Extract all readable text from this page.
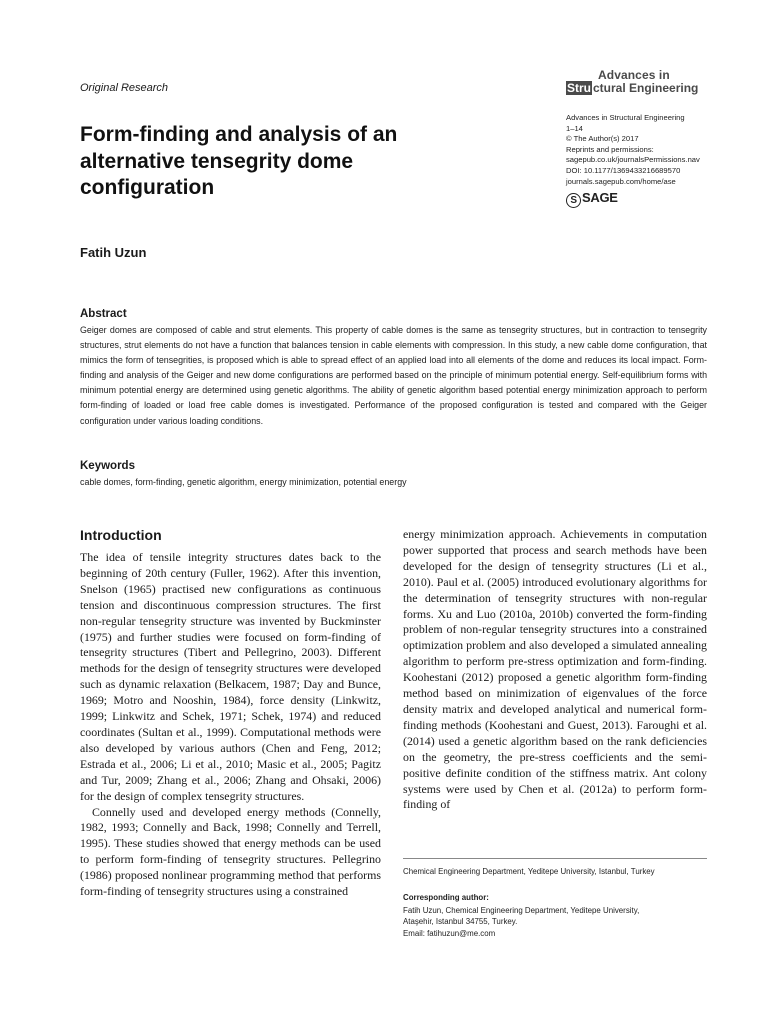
Original Research
Advances in
Stru ctural Engineering
Advances in Structural Engineering
1–14
© The Author(s) 2017
Reprints and permissions:
sagepub.co.uk/journalsPermissions.nav
DOI: 10.1177/1369433216689570
journals.sagepub.com/home/ase
S SAGE
Form-finding and analysis of an alternative tensegrity dome configuration
Fatih Uzun
Abstract
Geiger domes are composed of cable and strut elements. This property of cable domes is the same as tensegrity structures, but in contraction to tensegrity structures, strut elements do not have a function that balances tension in cable elements with compression. In this study, a new cable dome configuration, that mimics the form of tensegrities, is proposed which is able to spread effect of an applied load into all elements of the dome and reduces its local impact. Form-finding and analysis of the Geiger and new dome configurations are performed based on the principle of minimum potential energy. Self-equilibrium forms with minimum potential energy are determined using genetic algorithms. The ability of genetic algorithm based potential energy minimization approach to perform form-finding of loaded or load free cable domes is investigated. Performance of the proposed configuration is tested and compared with the Geiger configuration under various loading conditions.
Keywords
cable domes, form-finding, genetic algorithm, energy minimization, potential energy
Introduction

The idea of tensile integrity structures dates back to the beginning of 20th century (Fuller, 1962). After this invention, Snelson (1965) practised new configurations as continuous tension and discontinuous compression structures. The first non-regular tensegrity structure was invented by Buckminster (1975) and further studies were focused on form-finding of tensegrity structures (Tibert and Pellegrino, 2003). Different methods for the design of tensegrity structures were developed such as dynamic relaxation (Belkacem, 1987; Day and Bunce, 1969; Motro and Nooshin, 1984), force density (Linkwitz, 1999; Linkwitz and Schek, 1971; Schek, 1974) and reduced coordinates (Sultan et al., 1999). Computational methods were also developed by various authors (Chen and Feng, 2012; Estrada et al., 2006; Li et al., 2010; Masic et al., 2005; Pagitz and Tur, 2009; Zhang et al., 2006; Zhang and Ohsaki, 2006) for the design of complex tensegrity structures.

Connelly used and developed energy methods (Connelly, 1982, 1993; Connelly and Back, 1998; Connelly and Terrell, 1995). These studies showed that energy methods can be used to perform form-finding of tensegrity structures. Pellegrino (1986) proposed nonlinear programming method that performs form-finding of tensegrity structures using a constrained

energy minimization approach. Achievements in computation power supported that process and search methods have been developed for the design of tensegrity structures (Li et al., 2010). Paul et al. (2005) introduced evolutionary algorithms for the determination of tensegrity structures with non-regular forms. Xu and Luo (2010a, 2010b) converted the form-finding problem of non-regular tensegrity structures into a constrained optimization problem and also developed a simulated annealing algorithm to perform pre-stress optimization and form-finding. Koohestani (2012) proposed a genetic algorithm form-finding method based on minimization of eigenvalues of the force density matrix and developed analytical and numerical form-finding methods (Koohestani and Guest, 2013). Faroughi et al. (2014) used a genetic algorithm based on the rank deficiencies on the geometry, the pre-stress coefficients and the semi-positive definite condition of the stiffness matrix. Ant colony systems were used by Chen et al. (2012a) to perform form-finding of

Chemical Engineering Department, Yeditepe University, Istanbul, Turkey
Corresponding author:
Fatih Uzun, Chemical Engineering Department, Yeditepe University,
Ataşehir, Istanbul 34755, Turkey.
Email: fatihuzun@me.com
